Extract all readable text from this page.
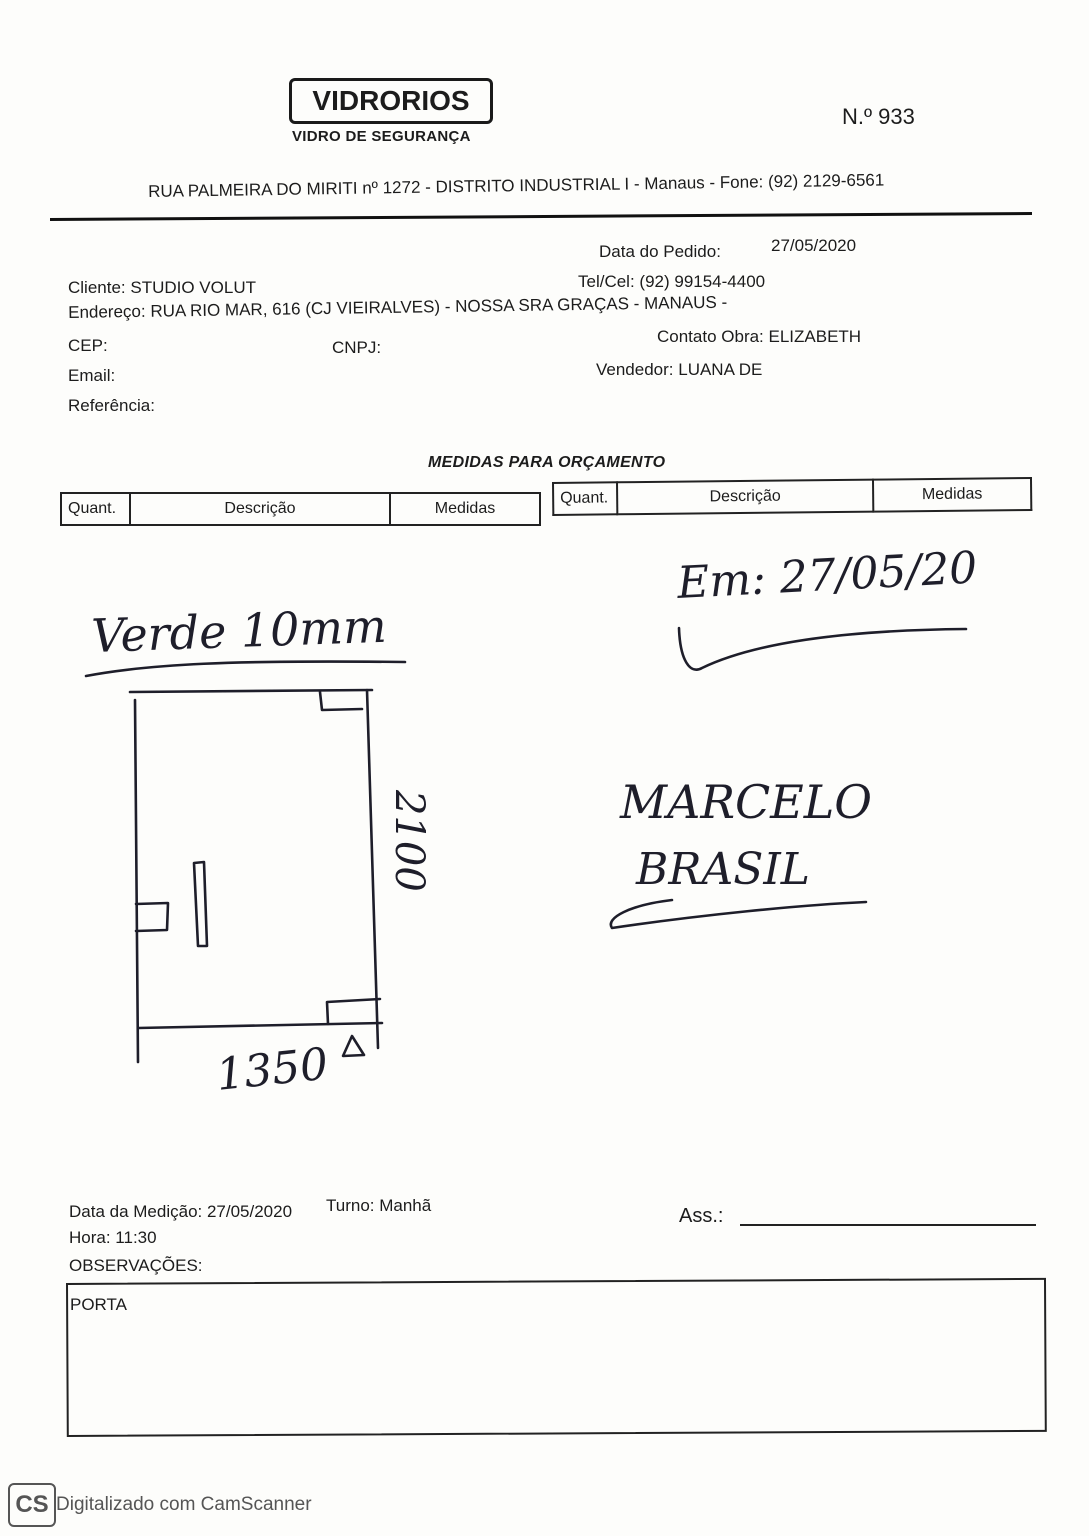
VIDRORIOS
VIDRO DE SEGURANÇA
N.º 933
RUA PALMEIRA DO MIRITI nº 1272 - DISTRITO INDUSTRIAL I - Manaus - Fone: (92) 2129-6561
Data do Pedido:	27/05/2020
Cliente: STUDIO VOLUT	Tel/Cel: (92) 99154-4400
Endereço: RUA RIO MAR, 616 (CJ VIEIRALVES) - NOSSA SRA GRAÇAS - MANAUS -
CEP:	CNPJ:
Contato Obra: ELIZABETH
Email:	Vendedor: LUANA DE
Referência:
MEDIDAS PARA ORÇAMENTO
Quant.	Descrição	Medidas
Quant.	Descrição	Medidas
Verde 10mm
1350
2100
Em: 27/05/20
MARCELO
BRASIL
Data da Medição: 27/05/2020 Turno: Manhã
Hora: 11:30
Ass.:
OBSERVAÇÕES:
PORTA
CS Digitalizado com CamScanner
